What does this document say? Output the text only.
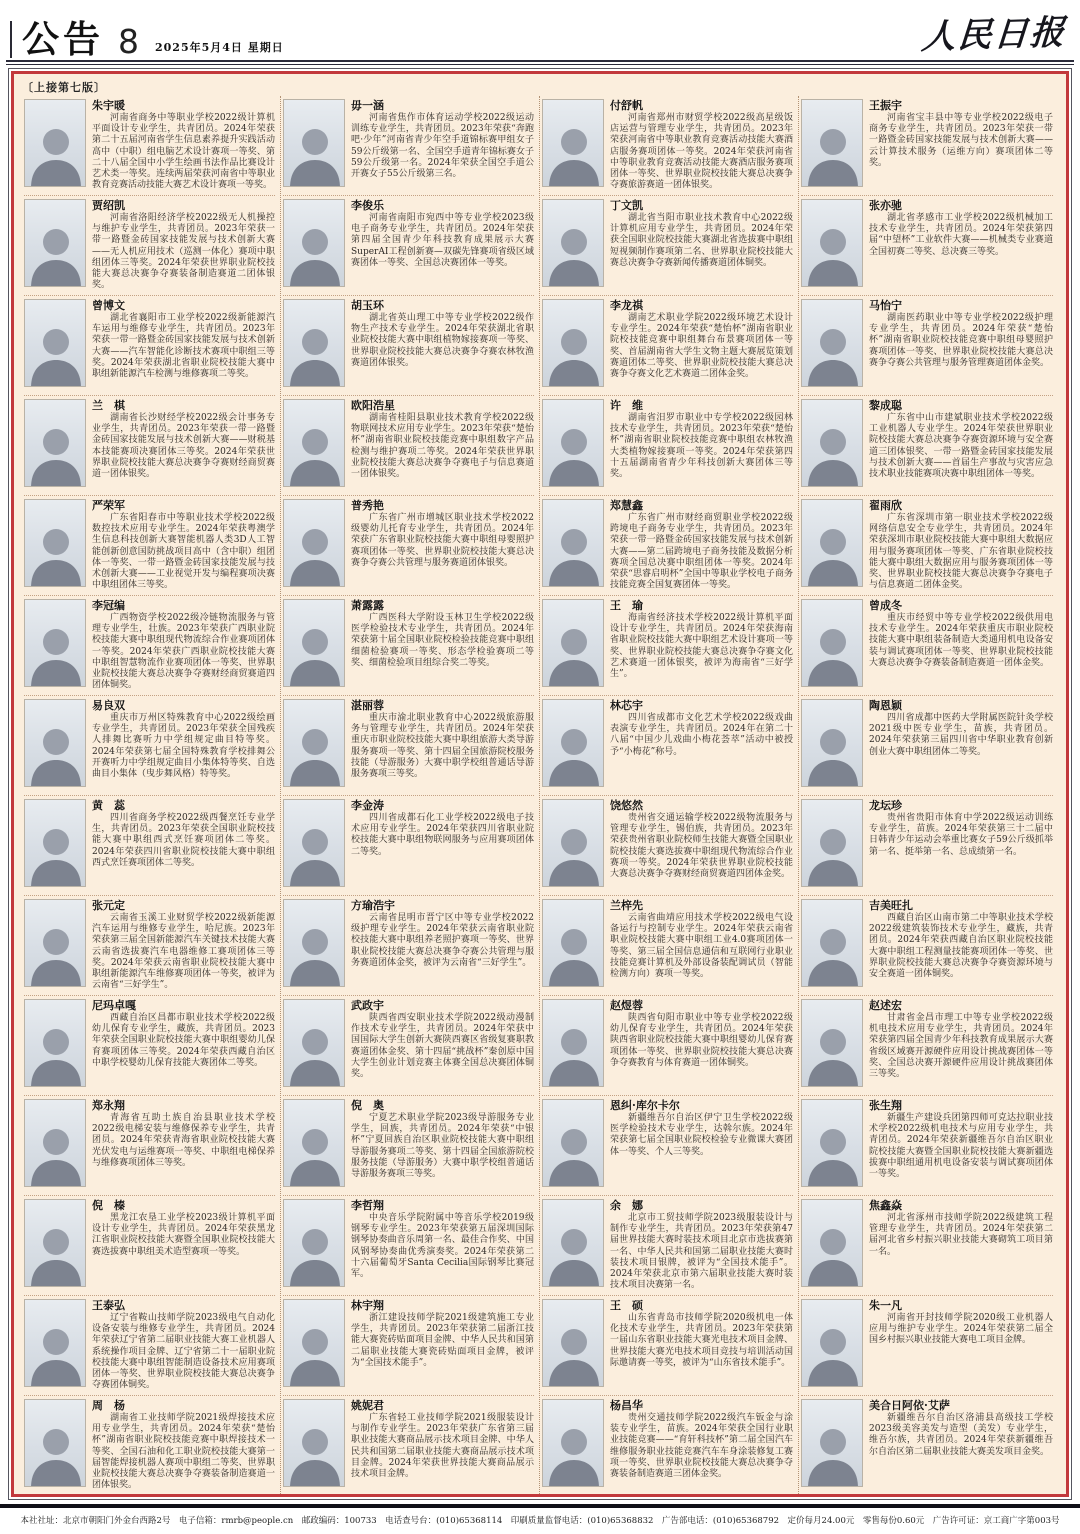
公告 8 2025年5月4日 星期日	人民日报
〔上接第七版〕
朱宇暖
河南省商务中等职业学校2022级计算机平面设计专业学生，共青团员。2024年荣获第二十五届河南省学生信息素养提升实践活动高中（中职）组电脑艺术设计赛项一等奖、第二十八届全国中小学生绘画书法作品比赛设计艺术类一等奖。连续两届荣获河南省中等职业教育竞赛活动技能大赛艺术设计赛项一等奖。
贾绍凯
河南省洛阳经济学校2022级无人机操控与维护专业学生，共青团员。2023年荣获一带一路暨金砖国家技能发展与技术创新大赛——无人机应用技术（巡测一体化）赛项中职组团体三等奖。2024年荣获世界职业院校技能大赛总决赛争夺赛装备制造赛道二团体银奖。
曾博文
湖北省襄阳市工业学校2022级新能源汽车运用与维修专业学生，共青团员。2023年荣获一带一路暨金砖国家技能发展与技术创新大赛——汽车智能化诊断技术赛项中职组三等奖。2024年荣获湖北省职业院校技能大赛中职组新能源汽车检测与维修赛项二等奖。
兰　棋
湖南省长沙财经学校2022级会计事务专业学生，共青团员。2023年荣获一带一路暨金砖国家技能发展与技术创新大赛——财税基本技能赛项决赛团体三等奖。2024年荣获世界职业院校技能大赛总决赛争夺赛财经商贸赛道一团体银奖。
严荣军
广东省阳春市中等职业技术学校2022级数控技术应用专业学生。2024年荣获粤澳学生信息科技创新大赛智能机器人类3D人工智能创新创意国防挑战项目高中（含中职）组团体一等奖、一带一路暨金砖国家技能发展与技术创新大赛——工业视觉开发与编程赛项决赛中职组团体三等奖。
李冠编
广西物资学校2022级冷链物流服务与管理专业学生，壮族。2023年荣获广西职业院校技能大赛中职组现代物流综合作业赛项团体一等奖。2024年荣获广西职业院校技能大赛中职组智慧物流作业赛项团体一等奖、世界职业院校技能大赛总决赛争夺赛财经商贸赛道四团体铜奖。
易良双
重庆市万州区特殊教育中心2022级绘画专业学生，共青团员。2023年荣获全国残疾人排舞比赛听力中学组规定曲目特等奖。2024年荣获第七届全国特殊教育学校排舞公开赛听力中学组规定曲目小集体特等奖、自选曲目小集体（曳步舞风格）特等奖。
黄　蕊
四川省商务学校2022级西餐烹饪专业学生，共青团员。2023年荣获全国职业院校技能大赛中职组西式烹饪赛项团体二等奖。2024年荣获四川省职业院校技能大赛中职组西式烹饪赛项团体二等奖。
张元定
云南省玉溪工业财贸学校2022级新能源汽车运用与维修专业学生，哈尼族。2023年荣获第三届全国新能源汽车关键技术技能大赛云南省选拔赛汽车电器维修工赛项团体三等奖。2024年荣获云南省职业院校技能大赛中职组新能源汽车维修赛项团体一等奖，被评为云南省“三好学生”。
尼玛卓嘎
西藏自治区昌都市职业技术学校2022级幼儿保育专业学生，藏族，共青团员。2023年荣获全国职业院校技能大赛中职组婴幼儿保育赛项团体三等奖。2024年荣获西藏自治区中职学校婴幼儿保育技能大赛团体二等奖。
郑永翔
青海省互助土族自治县职业技术学校2022级电梯安装与维修保养专业学生，共青团员。2024年荣获青海省职业院校技能大赛光伏发电与运维赛项一等奖、中职组电梯保养与维修赛项团体三等奖。
倪　榛
黑龙江农垦工业学校2023级计算机平面设计专业学生，共青团员。2024年荣获黑龙江省职业院校技能大赛暨全国职业院校技能大赛选拔赛中职组美术造型赛项一等奖。
王泰弘
辽宁省鞍山技师学院2023级电气自动化设备安装与维修专业学生，共青团员。2024年荣获辽宁省第二届职业技能大赛工业机器人系统操作项目金牌、辽宁省第二十一届职业院校技能大赛中职组智能制造设备技术应用赛项团体一等奖、世界职业院校技能大赛总决赛争夺赛团体铜奖。
周　杨
湖南省工业技师学院2021级焊接技术应用专业学生，共青团员。2024年荣获“楚怡杯”湖南省职业院校技能竞赛中职焊接技术一等奖、全国石油和化工职业院校技能大赛第一届智能焊接机器人赛项中职组二等奖、世界职业院校技能大赛总决赛争夺赛装备制造赛道一团体银奖。
毋一涵
河南省焦作市体育运动学校2022级运动训练专业学生，共青团员。2023年荣获“奔跑吧·少年”河南省青少年空手道锦标赛甲组女子59公斤级第一名、全国空手道青年锦标赛女子59公斤级第一名。2024年荣获全国空手道公开赛女子55公斤级第三名。
李俊乐
河南省南阳市宛西中等专业学校2023级电子商务专业学生，共青团员。2024年荣获第四届全国青少年科技教育成果展示大赛SuperAI工程创新赛—双碳先锋赛项省级区域赛团体一等奖、全国总决赛团体一等奖。
胡玉环
湖北省英山理工中等专业学校2022级作物生产技术专业学生。2024年荣获湖北省职业院校技能大赛中职组植物嫁接赛项一等奖、世界职业院校技能大赛总决赛争夺赛农林牧渔赛道团体银奖。
欧阳浩星
湖南省桂阳县职业技术教育学校2022级物联网技术应用专业学生。2023年荣获“楚怡杯”湖南省职业院校技能竞赛中职组数字产品检测与维护赛项二等奖。2024年荣获世界职业院校技能大赛总决赛争夺赛电子与信息赛道一团体银奖。
普秀艳
广东省广州市增城区职业技术学校2022级婴幼儿托育专业学生，共青团员。2024年荣获广东省职业院校技能大赛中职组母婴照护赛项团体一等奖、世界职业院校技能大赛总决赛争夺赛公共管理与服务赛道团体银奖。
萧露露
广西医科大学附设玉林卫生学校2022级医学检验技术专业学生，共青团员。2024年荣获第十届全国职业院校检验技能竞赛中职组细菌检验赛项一等奖、形态学检验赛项二等奖、细菌检验项目组综合奖二等奖。
湛丽蓉
重庆市渝北职业教育中心2022级旅游服务与管理专业学生，共青团员。2024年荣获重庆市职业院校技能大赛中职组旅游大类导游服务赛项一等奖、第十四届全国旅游院校服务技能（导游服务）大赛中职学校组普通话导游服务赛项三等奖。
李金涛
四川省成都石化工业学校2022级电子技术应用专业学生。2024年荣获四川省职业院校技能大赛中职组物联网服务与应用赛项团体二等奖。
方瑜浩宇
云南省昆明市晋宁区中等专业学校2022级护理专业学生。2024年荣获云南省职业院校技能大赛中职组养老照护赛项一等奖、世界职业院校技能大赛总决赛争夺赛公共管理与服务赛道团体金奖，被评为云南省“三好学生”。
武政宇
陕西省西安职业技术学院2022级动漫制作技术专业学生，共青团员。2024年荣获中国国际大学生创新大赛陕西赛区省级复赛职教赛道团体金奖、第十四届“挑战杯”秦创原中国大学生创业计划竞赛主体赛全国总决赛团体铜奖。
倪　奥
宁夏艺术职业学院2023级导游服务专业学生，回族，共青团员。2024年荣获“中银杯”宁夏回族自治区职业院校技能大赛中职组导游服务赛项二等奖、第十四届全国旅游院校服务技能（导游服务）大赛中职学校组普通话导游服务赛项三等奖。
李哲翔
中央音乐学院附属中等音乐学校2019级钢琴专业学生。2023年荣获第五届深圳国际钢琴协奏曲音乐周第一名、最佳合作奖、中国风钢琴协奏曲优秀演奏奖。2024年荣获第二十六届葡萄牙Santa Cecilia国际钢琴比赛冠军。
林宇翔
浙江建设技师学院2021级建筑施工专业学生，共青团员。2023年荣获第二届浙江技能大赛瓷砖贴面项目金牌、中华人民共和国第二届职业技能大赛瓷砖贴面项目金牌，被评为“全国技术能手”。
姚妮君
广东省轻工业技师学院2021级服装设计与制作专业学生。2023年荣获广东省第三届职业技能大赛商品展示技术项目金牌、中华人民共和国第二届职业技能大赛商品展示技术项目金牌。2024年荣获世界技能大赛商品展示技术项目金牌。
付舒帆
河南省郑州市财贸学校2022级高星级饭店运营与管理专业学生，共青团员。2023年荣获河南省中等职业教育竞赛活动技能大赛酒店服务赛项团体一等奖。2024年荣获河南省中等职业教育竞赛活动技能大赛酒店服务赛项团体一等奖、世界职业院校技能大赛总决赛争夺赛旅游赛道一团体银奖。
丁文凯
湖北省当阳市职业技术教育中心2022级计算机应用专业学生，共青团员。2024年荣获全国职业院校技能大赛湖北省选拔赛中职组短视频制作赛项第二名、世界职业院校技能大赛总决赛争夺赛新闻传播赛道团体铜奖。
李龙祺
湖南艺术职业学院2022级环境艺术设计专业学生。2024年荣获“楚怡杯”湖南省职业院校技能竞赛中职组舞台布景赛项团体一等奖、首届湖南省大学生文物主题大赛展览策划赛道团体二等奖、世界职业院校技能大赛总决赛争夺赛文化艺术赛道二团体金奖。
许　维
湖南省汨罗市职业中专学校2022级园林技术专业学生，共青团员。2023年荣获“楚怡杯”湖南省职业院校技能竞赛中职组农林牧渔大类植物嫁接赛项一等奖。2024年荣获第四十五届湖南省青少年科技创新大赛团体三等奖。
郑慧鑫
广东省广州市财经商贸职业学校2022级跨境电子商务专业学生，共青团员。2023年荣获一带一路暨金砖国家技能发展与技术创新大赛——第二届跨境电子商务技能及数据分析赛项全国总决赛中职组团体一等奖。2024年荣获“思睿启明杯”全国中等职业学校电子商务技能竞赛全国复赛团体一等奖。
王　瑜
海南省经济技术学校2022级计算机平面设计专业学生，共青团员。2024年荣获海南省职业院校技能大赛中职组艺术设计赛项一等奖、世界职业院校技能大赛总决赛争夺赛文化艺术赛道一团体银奖，被评为海南省“三好学生”。
林芯宇
四川省成都市文化艺术学校2022级戏曲表演专业学生，共青团员。2024年在第二十八届“中国少儿戏曲小梅花荟萃”活动中被授予“小梅花”称号。
饶悠然
贵州省交通运输学校2022级物流服务与管理专业学生，锡伯族，共青团员。2023年荣获贵州省职业院校师生技能大赛暨全国职业院校技能大赛选拔赛中职组现代物流综合作业赛项一等奖。2024年荣获世界职业院校技能大赛总决赛争夺赛财经商贸赛道四团体金奖。
兰梓先
云南省曲靖应用技术学校2022级电气设备运行与控制专业学生。2024年荣获云南省职业院校技能大赛中职组工业4.0赛项团体一等奖、第三届全国信息通信和互联网行业职业技能竞赛计算机及外部设备装配调试员（智能检测方向）赛项一等奖。
赵煜蓉
陕西省旬阳市职业中等专业学校2022级幼儿保育专业学生，共青团员。2024年荣获陕西省职业院校技能大赛中职组婴幼儿保育赛项团体一等奖、世界职业院校技能大赛总决赛争夺赛教育与体育赛道一团体铜奖。
恩纠·库尔卡尔
新疆维吾尔自治区伊宁卫生学校2022级医学检验技术专业学生，达斡尔族。2024年荣获第七届全国职业院校检验专业微课大赛团体一等奖、个人三等奖。
余　娜
北京市工贸技师学院2023级服装设计与制作专业学生，共青团员。2023年荣获第47届世界技能大赛时装技术项目北京市选拔赛第一名、中华人民共和国第二届职业技能大赛时装技术项目银牌，被评为“全国技术能手”。2024年荣获北京市第六届职业技能大赛时装技术项目决赛第一名。
王　硕
山东省青岛市技师学院2020级机电一体化技术专业学生，共青团员。2023年荣获第一届山东省职业技能大赛光电技术项目金牌、世界技能大赛光电技术项目竞技与培训活动国际邀请赛一等奖，被评为“山东省技术能手”。
杨昌华
贵州交通技师学院2022级汽车钣金与涂装专业学生，苗族。2024年荣获全国行业职业技能竞赛——“育轩科技杯”第二届全国汽车维修服务职业技能竞赛汽车车身涂装修复工赛项一等奖、世界职业院校技能大赛总决赛争夺赛装备制造赛道三团体金奖。
王振宇
河南省宝丰县中等专业学校2022级电子商务专业学生，共青团员。2023年荣获一带一路暨金砖国家技能发展与技术创新大赛——云计算技术服务（运维方向）赛项团体二等奖。
张亦驰
湖北省孝感市工业学校2022级机械加工技术专业学生，共青团员。2024年荣获第四届“中望杯”工业软件大赛——机械类专业赛道全国初赛二等奖、总决赛三等奖。
马怡宁
湖南医药职业中等专业学校2022级护理专业学生，共青团员。2024年荣获“楚怡杯”湖南省职业院校技能竞赛中职组母婴照护赛项团体一等奖、世界职业院校技能大赛总决赛争夺赛公共管理与服务管理赛道团体金奖。
黎成聪
广东省中山市建斌职业技术学校2022级工业机器人专业学生。2024年荣获世界职业院校技能大赛总决赛争夺赛资源环境与安全赛道三团体银奖、一带一路暨金砖国家技能发展与技术创新大赛——首届生产事故与灾害应急技术职业技能赛项决赛中职组团体一等奖。
翟雨欣
广东省深圳市第一职业技术学校2022级网络信息安全专业学生，共青团员。2024年荣获深圳市职业院校技能大赛中职组大数据应用与服务赛项团体一等奖、广东省职业院校技能大赛中职组大数据应用与服务赛项团体一等奖、世界职业院校技能大赛总决赛争夺赛电子与信息赛道二团体金奖。
曾成冬
重庆市经贸中等专业学校2022级供用电技术专业学生。2024年荣获重庆市职业院校技能大赛中职组装备制造大类通用机电设备安装与调试赛项团体一等奖、世界职业院校技能大赛总决赛争夺赛装备制造赛道一团体金奖。
陶恩颖
四川省成都中医药大学附属医院针灸学校2021级中医专业学生，苗族，共青团员。2024年荣获第三届四川省中华职业教育创新创业大赛中职组团体二等奖。
龙坛珍
贵州省贵阳市体育中学2022级运动训练专业学生，苗族。2024年荣获第三十二届中日韩青少年运动会举重比赛女子59公斤级抓举第一名、挺举第一名、总成绩第一名。
吉美旺扎
西藏自治区山南市第二中等职业技术学校2022级建筑装饰技术专业学生，藏族，共青团员。2024年荣获西藏自治区职业院校技能大赛中职组工程测量技能赛项团体一等奖、世界职业院校技能大赛总决赛争夺赛资源环境与安全赛道一团体铜奖。
赵述宏
甘肃省金昌市理工中等专业学校2022级机电技术应用专业学生，共青团员。2024年荣获第四届全国青少年科技教育成果展示大赛省级区域赛开源硬件应用设计挑战赛团体一等奖、全国总决赛开源硬件应用设计挑战赛团体三等奖。
张生翔
新疆生产建设兵团第四师可克达拉职业技术学校2022级机电技术与应用专业学生，共青团员。2024年荣获新疆维吾尔自治区职业院校技能大赛暨全国职业院校技能大赛新疆选拔赛中职组通用机电设备安装与调试赛项团体一等奖。
焦鑫焱
河北省涿州市技师学院2022级建筑工程管理专业学生，共青团员。2024年荣获第二届河北省乡村振兴职业技能大赛砌筑工项目第一名。
朱一凡
河南省开封技师学院2020级工业机器人应用与维护专业学生。2024年荣获第二届全国乡村振兴职业技能大赛电工项目金牌。
美合日阿依·艾萨
新疆维吾尔自治区洛浦县高级技工学校2023级美容美发与造型（美发）专业学生，维吾尔族，共青团员。2024年荣获新疆维吾尔自治区第二届职业技能大赛美发项目金奖。
本社社址：北京市朝阳门外金台西路2号　电子信箱：rmrb@people.cn　邮政编码：100733　电话查号台：(010)65368114　印刷质量监督电话：(010)65368832　广告部电话：(010)65368792　定价每月24.00元　零售每份0.60元　广告许可证：京工商广字第003号
